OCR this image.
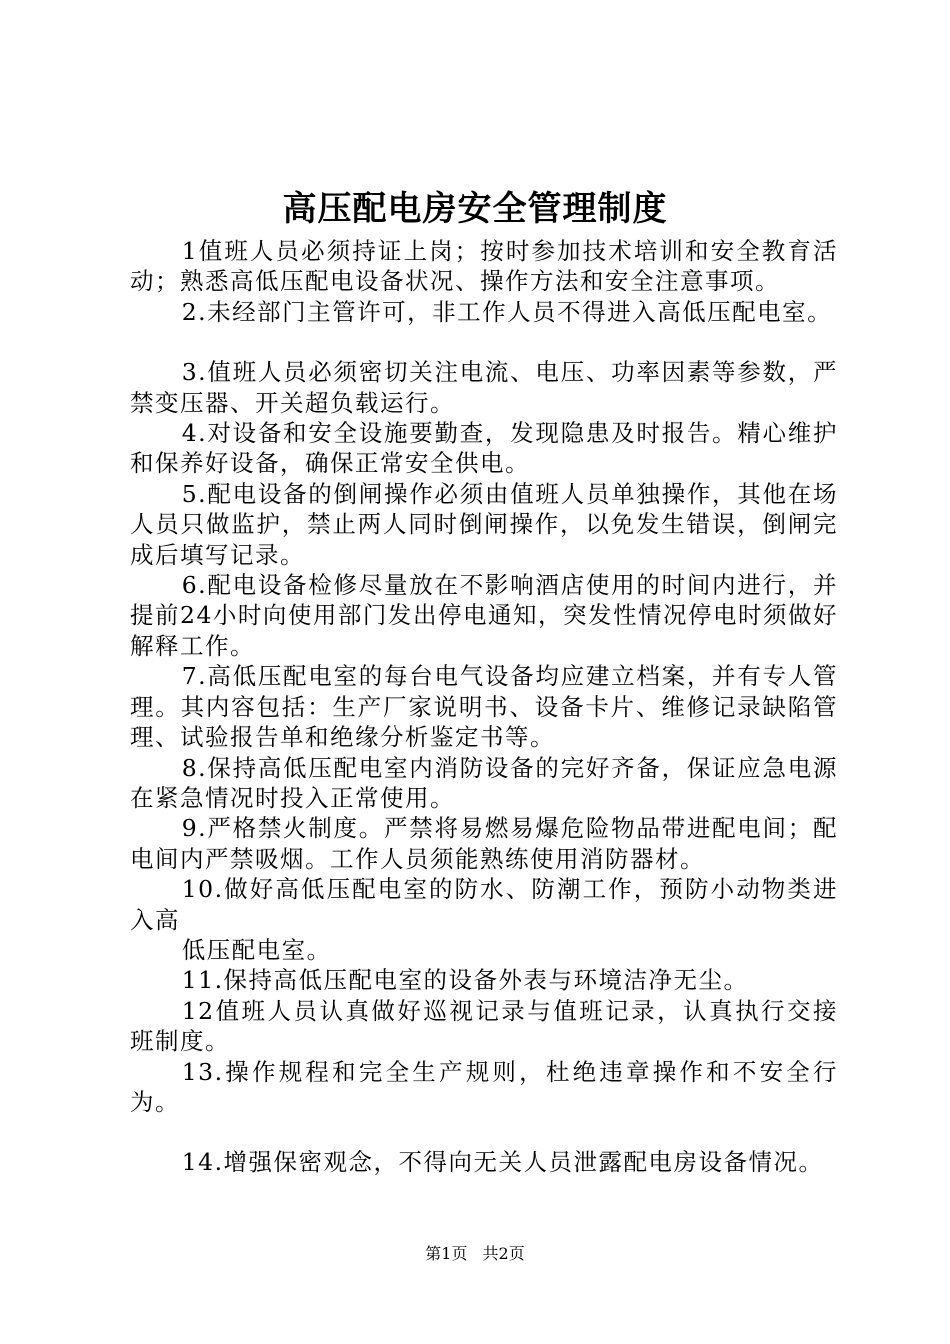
高压配电房安全管理制度

1值班人员必须持证上岗；按时参加技术培训和安全教育活动；熟悉高低压配电设备状况、操作方法和安全注意事项。

2.未经部门主管许可，非工作人员不得进入高低压配电室。

3.值班人员必须密切关注电流、电压、功率因素等参数，严禁变压器、开关超负载运行。

4.对设备和安全设施要勤查，发现隐患及时报告。精心维护和保养好设备，确保正常安全供电。

5.配电设备的倒闸操作必须由值班人员单独操作，其他在场人员只做监护，禁止两人同时倒闸操作，以免发生错误，倒闸完成后填写记录。

6.配电设备检修尽量放在不影响酒店使用的时间内进行，并提前24小时向使用部门发出停电通知，突发性情况停电时须做好解释工作。

7.高低压配电室的每台电气设备均应建立档案，并有专人管理。其内容包括：生产厂家说明书、设备卡片、维修记录缺陷管理、试验报告单和绝缘分析鉴定书等。

8.保持高低压配电室内消防设备的完好齐备，保证应急电源在紧急情况时投入正常使用。

9.严格禁火制度。严禁将易燃易爆危险物品带进配电间；配电间内严禁吸烟。工作人员须能熟练使用消防器材。

10.做好高低压配电室的防水、防潮工作，预防小动物类进入高

低压配电室。

11.保持高低压配电室的设备外表与环境洁净无尘。

12值班人员认真做好巡视记录与值班记录，认真执行交接班制度。

13.操作规程和完全生产规则，杜绝违章操作和不安全行为。

14.增强保密观念，不得向无关人员泄露配电房设备情况。

第1页 共2页
